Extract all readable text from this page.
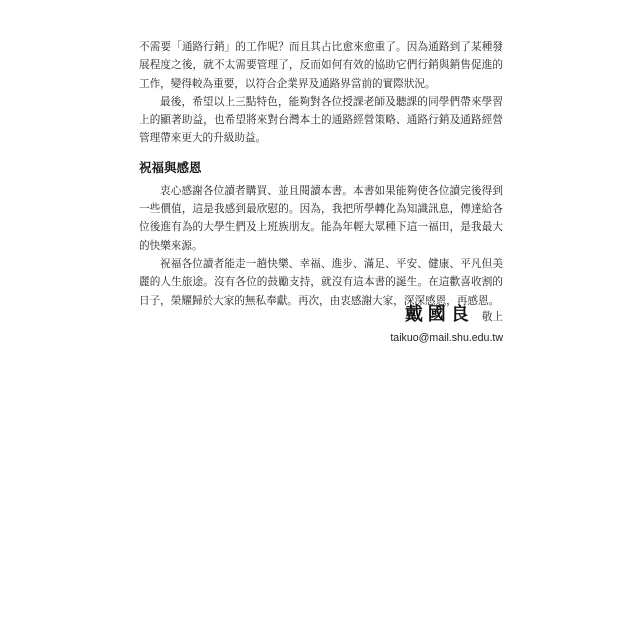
不需要「通路行銷」的工作呢？而且其占比愈來愈重了。因為通路到了某種發展程度之後，就不太需要管理了，反而如何有效的協助它們行銷與銷售促進的工作，變得較為重要，以符合企業界及通路界當前的實際狀況。

最後，希望以上三點特色，能夠對各位授課老師及聽課的同學們帶來學習上的顯著助益，也希望將來對台灣本土的通路經營策略、通路行銷及通路經營管理帶來更大的升級助益。

祝福與感恩

衷心感謝各位讀者購買、並且閱讀本書。本書如果能夠使各位讀完後得到一些價值，這是我感到最欣慰的。因為，我把所學轉化為知識訊息，傳達給各位後進有為的大學生們及上班族朋友。能為年輕大眾種下這一福田，是我最大的快樂來源。

祝福各位讀者能走一趟快樂、幸福、進步、滿足、平安、健康、平凡但美麗的人生旅途。沒有各位的鼓勵支持，就沒有這本書的誕生。在這歡喜收割的日子，榮耀歸於大家的無私奉獻。再次，由衷感謝大家，深深感恩，再感恩。

戴國良 敬上
taikuo@mail.shu.edu.tw
